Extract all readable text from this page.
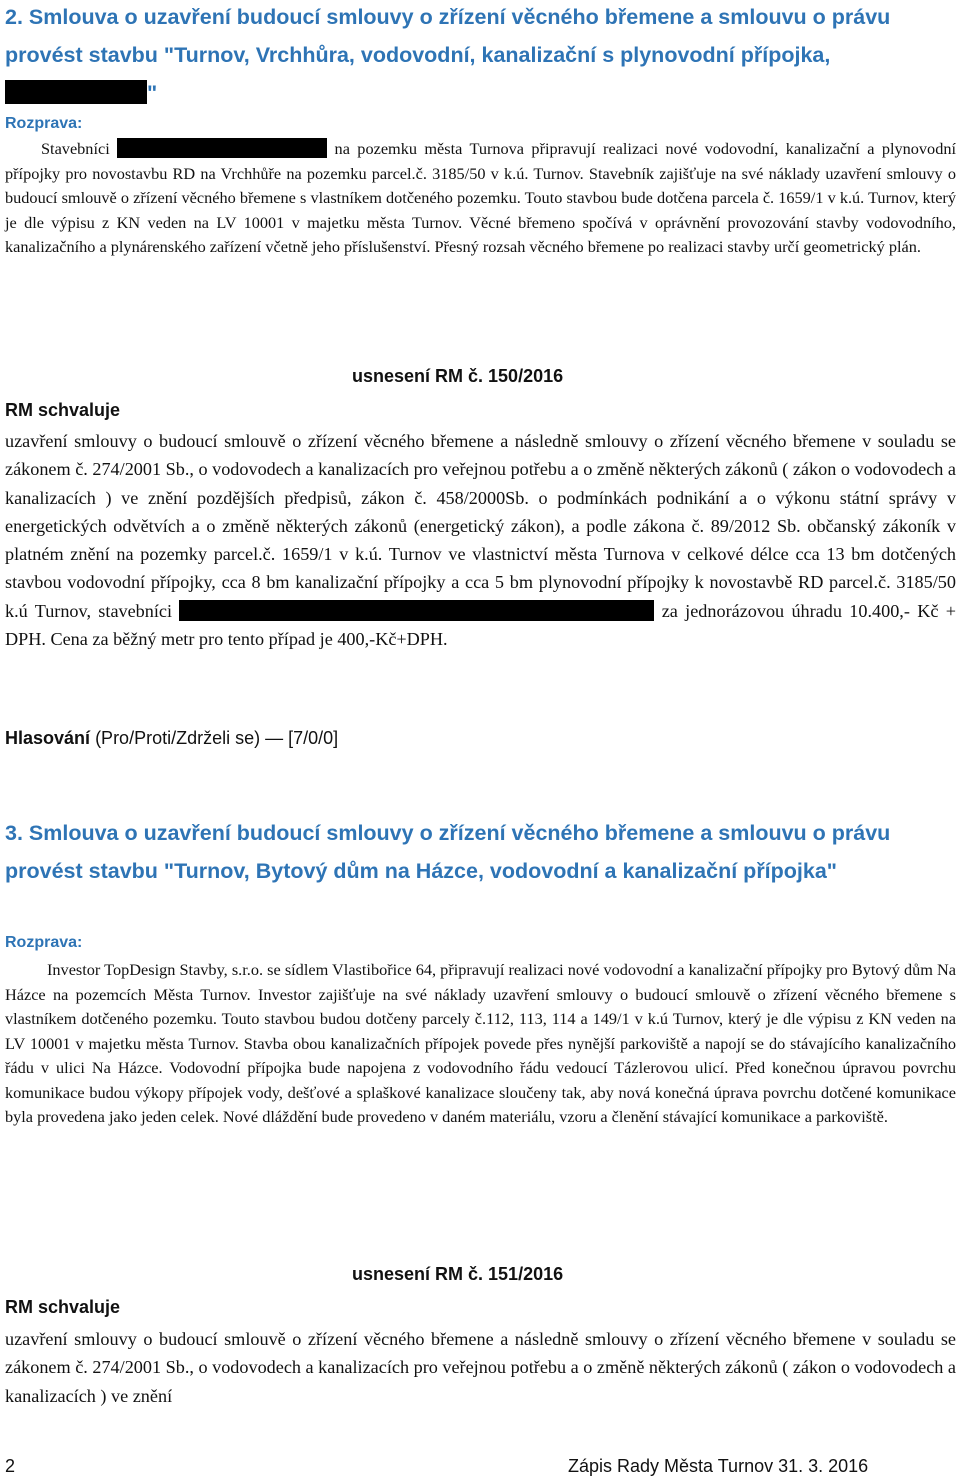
2. Smlouva o uzavření budoucí smlouvy o zřízení věcného břemene a smlouvu o právu provést stavbu "Turnov, Vrchhůra, vodovodní, kanalizační s plynovodní přípojka, "
Rozprava:
Stavebníci	na pozemku města Turnova připravují realizaci nové vodovodní, kanalizační a plynovodní přípojky pro novostavbu RD na Vrchhůře na pozemku parcel.č. 3185/50 v k.ú. Turnov. Stavebník zajišťuje na své náklady uzavření smlouvy o budoucí smlouvě o zřízení věcného břemene s vlastníkem dotčeného pozemku. Touto stavbou bude dotčena parcela č. 1659/1 v k.ú. Turnov, který je dle výpisu z KN veden na LV 10001 v majetku města Turnov. Věcné břemeno spočívá v oprávnění provozování stavby vodovodního, kanalizačního a plynárenského zařízení včetně jeho příslušenství. Přesný rozsah věcného břemene po realizaci stavby určí geometrický plán.
usnesení RM č. 150/2016
RM schvaluje
uzavření smlouvy o budoucí smlouvě o zřízení věcného břemene a následně smlouvy o zřízení věcného břemene v souladu se zákonem č. 274/2001 Sb., o vodovodech a kanalizacích pro veřejnou potřebu a o změně některých zákonů ( zákon o vodovodech a kanalizacích ) ve znění pozdějších předpisů, zákon č. 458/2000Sb. o podmínkách podnikání a o výkonu státní správy v energetických odvětvích a o změně některých zákonů (energetický zákon), a podle zákona č. 89/2012 Sb. občanský zákoník v platném znění na pozemky parcel.č. 1659/1 v k.ú. Turnov ve vlastnictví města Turnova v celkové délce cca 13 bm dotčených stavbou vodovodní přípojky, cca 8 bm kanalizační přípojky a cca 5 bm plynovodní přípojky k novostavbě RD parcel.č. 3185/50 k.ú Turnov, stavebníci	za jednorázovou úhradu 10.400,- Kč + DPH. Cena za běžný metr pro tento případ je 400,-Kč+DPH.
Hlasování (Pro/Proti/Zdrželi se) — [7/0/0]
3. Smlouva o uzavření budoucí smlouvy o zřízení věcného břemene a smlouvu o právu provést stavbu "Turnov, Bytový dům na Házce, vodovodní a kanalizační přípojka"
Rozprava:
Investor TopDesign Stavby, s.r.o. se sídlem Vlastibořice 64, připravují realizaci nové vodovodní a kanalizační přípojky pro Bytový dům Na Házce na pozemcích Města Turnov. Investor zajišťuje na své náklady uzavření smlouvy o budoucí smlouvě o zřízení věcného břemene s vlastníkem dotčeného pozemku. Touto stavbou budou dotčeny parcely č.112, 113, 114 a 149/1 v k.ú Turnov, který je dle výpisu z KN veden na LV 10001 v majetku města Turnov. Stavba obou kanalizačních přípojek povede přes nynější parkoviště a napojí se do stávajícího kanalizačního řádu v ulici Na Házce. Vodovodní přípojka bude napojena z vodovodního řádu vedoucí Tázlerovou ulicí. Před konečnou úpravou povrchu komunikace budou výkopy přípojek vody, dešťové a splaškové kanalizace sloučeny tak, aby nová konečná úprava povrchu dotčené komunikace byla provedena jako jeden celek. Nové dláždění bude provedeno v daném materiálu, vzoru a členění stávající komunikace a parkoviště.
usnesení RM č. 151/2016
RM schvaluje
uzavření smlouvy o budoucí smlouvě o zřízení věcného břemene a následně smlouvy o zřízení věcného břemene v souladu se zákonem č. 274/2001 Sb., o vodovodech a kanalizacích pro veřejnou potřebu a o změně některých zákonů ( zákon o vodovodech a kanalizacích ) ve znění
2	Zápis Rady Města Turnov 31. 3. 2016
